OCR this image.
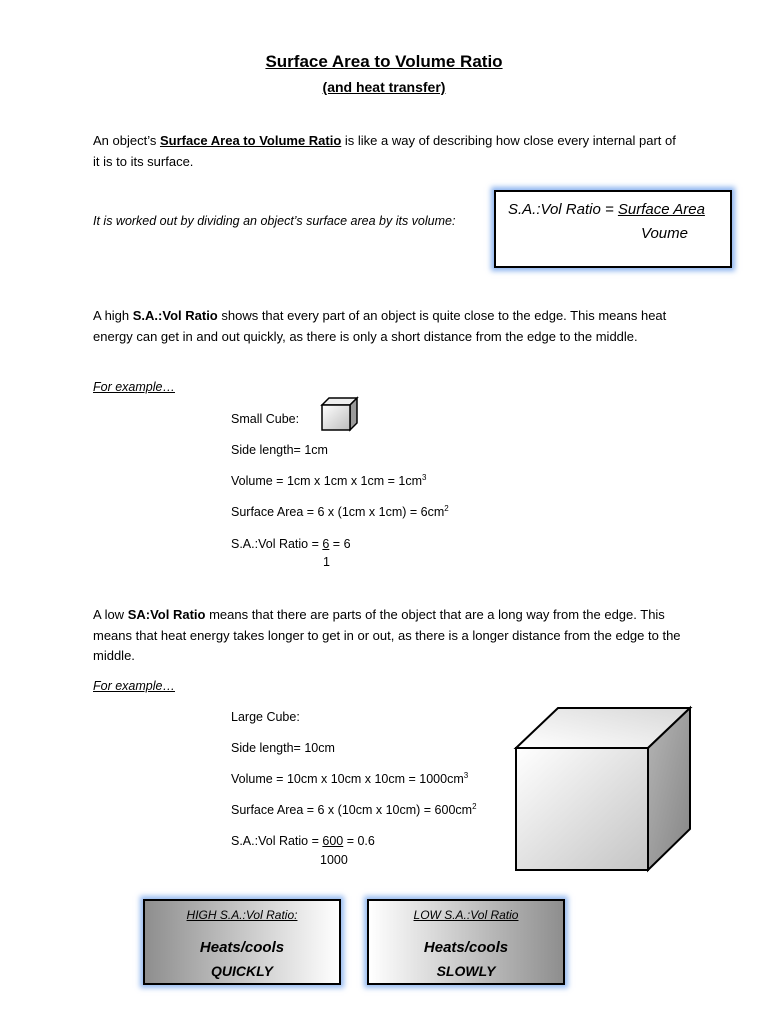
Surface Area to Volume Ratio
(and heat transfer)
An object’s Surface Area to Volume Ratio is like a way of describing how close every internal part of it is to its surface.
It is worked out by dividing an object’s surface area by its volume:
S.A.:Vol Ratio = Surface Area
Voume
A high S.A.:Vol Ratio shows that every part of an object is quite close to the edge. This means heat energy can get in and out quickly, as there is only a short distance from the edge to the middle.
For example…
Small Cube:
Side length= 1cm
Volume = 1cm x 1cm x $1cm = 1cm^3$
Surface Area = 6 x (1cm x $1cm) = 6cm^2$
S.A.:Vol Ratio = 6 = 6
1
A low SA:Vol Ratio means that there are parts of the object that are a long way from the edge. This means that heat energy takes longer to get in or out, as there is a longer distance from the edge to the middle.
For example…
Large Cube:
Side length= 10cm
Volume = 10cm x 10cm x $10cm = 1000cm^3$
Surface Area = 6 x (10cm x $10cm) = 600cm^2$
S.A.:Vol Ratio = 600 = 0.6
1000
HIGH S.A.:Vol Ratio:
Heats/cools
QUICKLY
LOW S.A.:Vol Ratio
Heats/cools
SLOWLY
